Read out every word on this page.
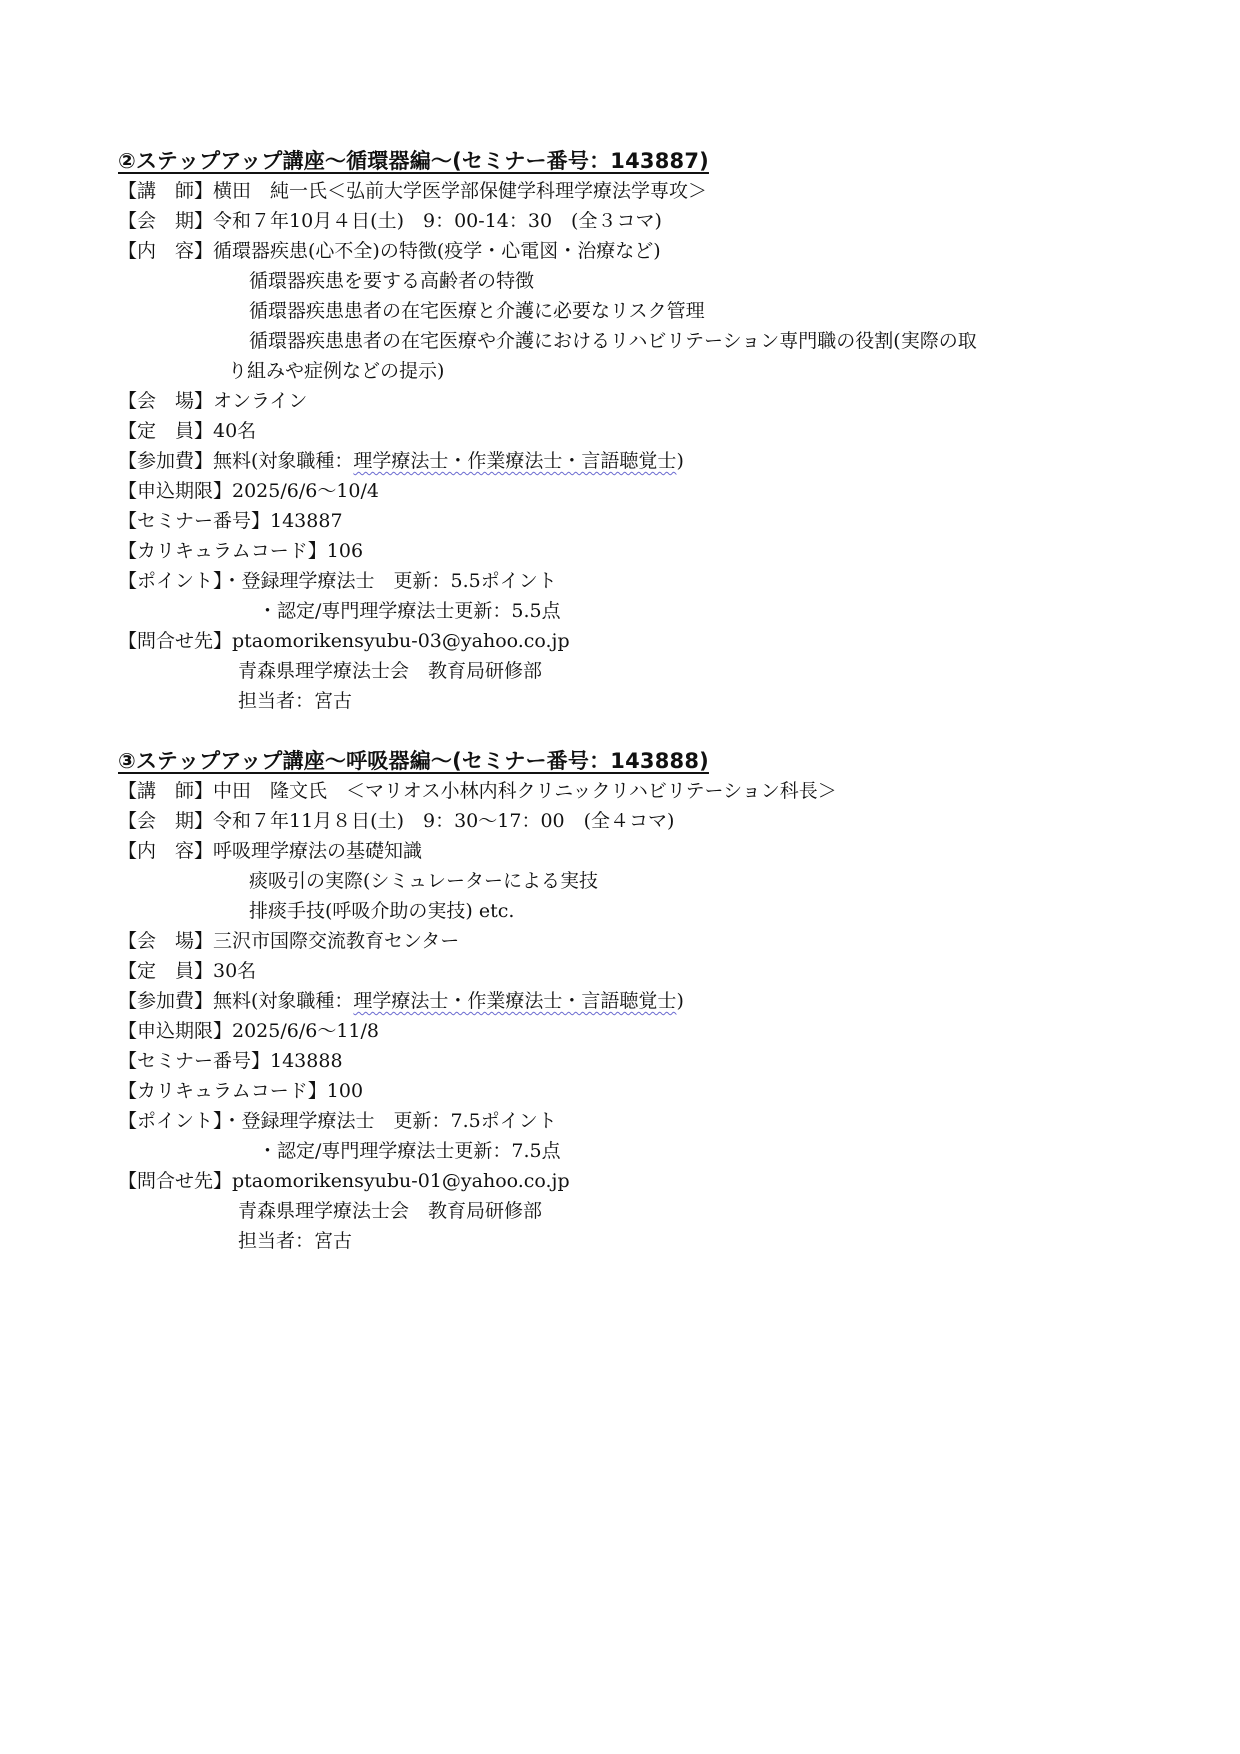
②ステップアップ講座～循環器編～(セミナー番号：143887)
【講　師】横田　純一氏＜弘前大学医学部保健学科理学療法学専攻＞
【会　期】令和７年10月４日(土)　9：00-14：30　(全３コマ)
【内　容】循環器疾患(心不全)の特徴(疫学・心電図・治療など)
循環器疾患を要する高齢者の特徴
循環器疾患患者の在宅医療と介護に必要なリスク管理
循環器疾患患者の在宅医療や介護におけるリハビリテーション専門職の役割(実際の取
り組みや症例などの提示)
【会　場】オンライン
【定　員】40名
【参加費】無料(対象職種：理学療法士・作業療法士・言語聴覚士)
【申込期限】2025/6/6～10/4
【セミナー番号】143887
【カリキュラムコード】106
【ポイント】・登録理学療法士　更新：5.5ポイント
・認定/専門理学療法士更新：5.5点
【問合せ先】ptaomorikensyubu-03@yahoo.co.jp
青森県理学療法士会　教育局研修部
担当者：宮古
③ステップアップ講座～呼吸器編～(セミナー番号：143888)
【講　師】中田　隆文氏　＜マリオス小林内科クリニックリハビリテーション科長＞
【会　期】令和７年11月８日(土)　9：30～17：00　(全４コマ)
【内　容】呼吸理学療法の基礎知識
痰吸引の実際(シミュレーターによる実技
排痰手技(呼吸介助の実技) etc.
【会　場】三沢市国際交流教育センター
【定　員】30名
【参加費】無料(対象職種：理学療法士・作業療法士・言語聴覚士)
【申込期限】2025/6/6～11/8
【セミナー番号】143888
【カリキュラムコード】100
【ポイント】・登録理学療法士　更新：7.5ポイント
・認定/専門理学療法士更新：7.5点
【問合せ先】ptaomorikensyubu-01@yahoo.co.jp
青森県理学療法士会　教育局研修部
担当者：宮古
